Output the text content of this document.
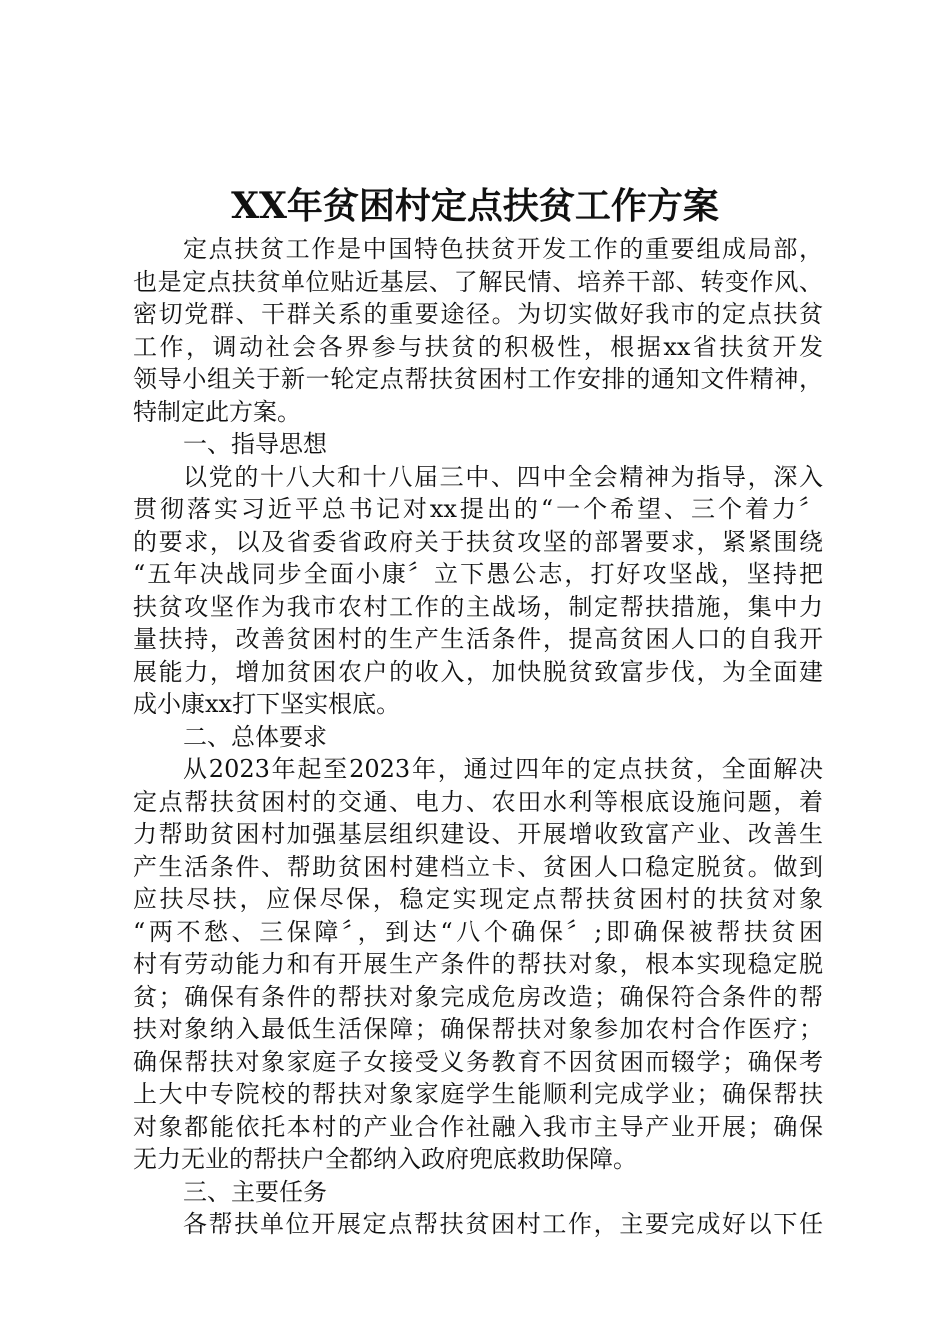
XX年贫困村定点扶贫工作方案
定点扶贫工作是中国特色扶贫开发工作的重要组成局部，
也是定点扶贫单位贴近基层、了解民情、培养干部、转变作风、
密切党群、干群关系的重要途径。为切实做好我市的定点扶贫
工作，调动社会各界参与扶贫的积极性，根据xx省扶贫开发
领导小组关于新一轮定点帮扶贫困村工作安排的通知文件精神，
特制定此方案。
一、指导思想
以党的十八大和十八届三中、四中全会精神为指导，深入
贯彻落实习近平总书记对xx提出的“一个希望、三个着力〞
的要求，以及省委省政府关于扶贫攻坚的部署要求，紧紧围绕
“五年决战同步全面小康〞立下愚公志，打好攻坚战，坚持把
扶贫攻坚作为我市农村工作的主战场，制定帮扶措施，集中力
量扶持，改善贫困村的生产生活条件，提高贫困人口的自我开
展能力，增加贫困农户的收入，加快脱贫致富步伐，为全面建
成小康xx打下坚实根底。
二、总体要求
从2023年起至2023年，通过四年的定点扶贫，全面解决
定点帮扶贫困村的交通、电力、农田水利等根底设施问题，着
力帮助贫困村加强基层组织建设、开展增收致富产业、改善生
产生活条件、帮助贫困村建档立卡、贫困人口稳定脱贫。做到
应扶尽扶，应保尽保，稳定实现定点帮扶贫困村的扶贫对象
“两不愁、三保障〞，到达“八个确保〞;即确保被帮扶贫困
村有劳动能力和有开展生产条件的帮扶对象，根本实现稳定脱
贫；确保有条件的帮扶对象完成危房改造；确保符合条件的帮
扶对象纳入最低生活保障；确保帮扶对象参加农村合作医疗；
确保帮扶对象家庭子女接受义务教育不因贫困而辍学；确保考
上大中专院校的帮扶对象家庭学生能顺利完成学业；确保帮扶
对象都能依托本村的产业合作社融入我市主导产业开展；确保
无力无业的帮扶户全都纳入政府兜底救助保障。
三、主要任务
各帮扶单位开展定点帮扶贫困村工作，主要完成好以下任
